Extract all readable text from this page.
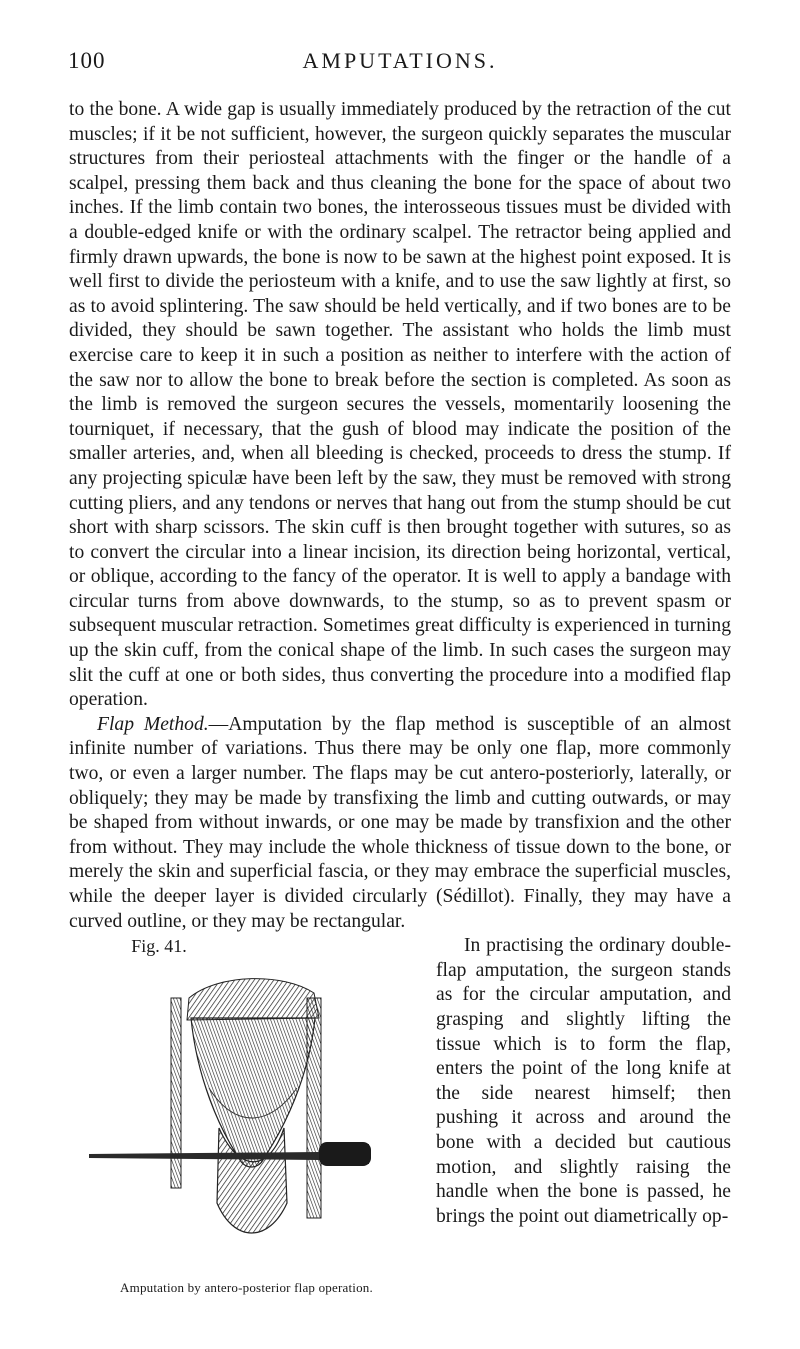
100	AMPUTATIONS.

to the bone. A wide gap is usually immediately produced by the retraction of the cut muscles; if it be not sufficient, however, the surgeon quickly separates the muscular structures from their periosteal attachments with the finger or the handle of a scalpel, pressing them back and thus cleaning the bone for the space of about two inches. If the limb contain two bones, the interosseous tissues must be divided with a double-edged knife or with the ordinary scalpel. The retractor being applied and firmly drawn upwards, the bone is now to be sawn at the highest point exposed. It is well first to divide the periosteum with a knife, and to use the saw lightly at first, so as to avoid splintering. The saw should be held vertically, and if two bones are to be divided, they should be sawn together. The assistant who holds the limb must exercise care to keep it in such a position as neither to interfere with the action of the saw nor to allow the bone to break before the section is completed. As soon as the limb is removed the surgeon secures the vessels, momentarily loosening the tourniquet, if necessary, that the gush of blood may indicate the position of the smaller arteries, and, when all bleeding is checked, proceeds to dress the stump. If any projecting spiculæ have been left by the saw, they must be removed with strong cutting pliers, and any tendons or nerves that hang out from the stump should be cut short with sharp scissors. The skin cuff is then brought together with sutures, so as to convert the circular into a linear incision, its direction being horizontal, vertical, or oblique, according to the fancy of the operator. It is well to apply a bandage with circular turns from above downwards, to the stump, so as to prevent spasm or subsequent muscular retraction. Sometimes great difficulty is experienced in turning up the skin cuff, from the conical shape of the limb. In such cases the surgeon may slit the cuff at one or both sides, thus converting the procedure into a modified flap operation.

Flap Method.—Amputation by the flap method is susceptible of an almost infinite number of variations. Thus there may be only one flap, more commonly two, or even a larger number. The flaps may be cut antero-posteriorly, laterally, or obliquely; they may be made by transfixing the limb and cutting outwards, or may be shaped from without inwards, or one may be made by transfixion and the other from without. They may include the whole thickness of tissue down to the bone, or merely the skin and superficial fascia, or they may embrace the superficial muscles, while the deeper layer is divided circularly (Sédillot). Finally, they may have a curved outline, or they may be rectangular.

Fig. 41.
Amputation by antero-posterior flap operation.

In practising the ordinary double-flap amputation, the surgeon stands as for the circular amputation, and grasping and slightly lifting the tissue which is to form the flap, enters the point of the long knife at the side nearest himself; then pushing it across and around the bone with a decided but cautious motion, and slightly raising the handle when the bone is passed, he brings the point out diametrically op-
